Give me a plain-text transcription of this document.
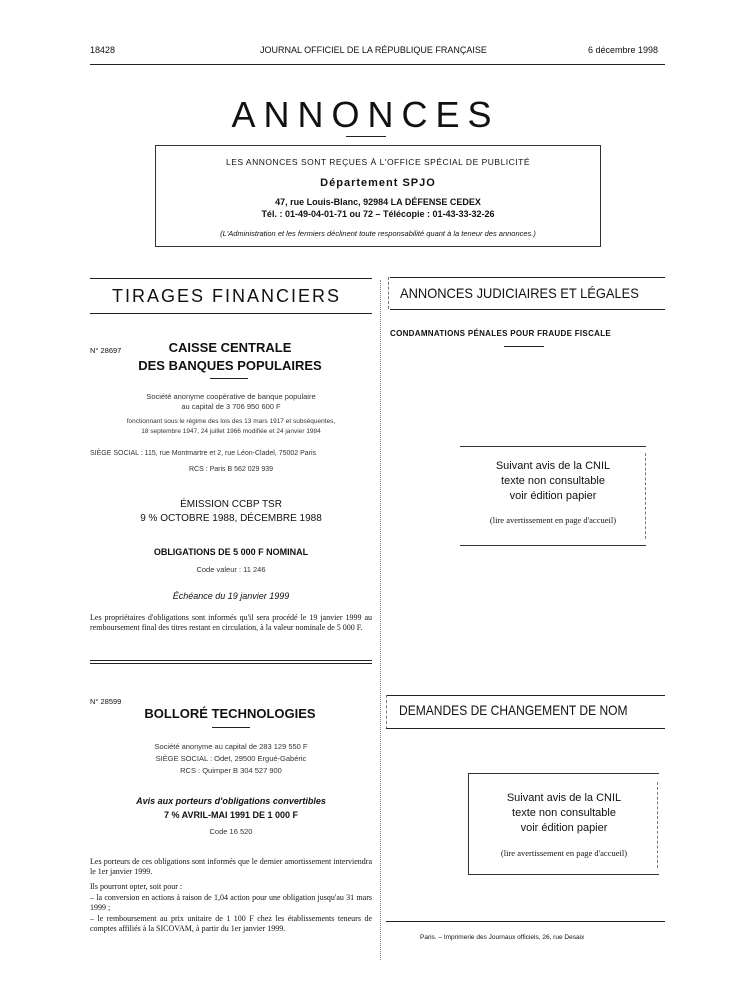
18428	JOURNAL OFFICIEL DE LA RÉPUBLIQUE FRANÇAISE	6 décembre 1998
ANNONCES
LES ANNONCES SONT REÇUES À L'OFFICE SPÉCIAL DE PUBLICITÉ
Département SPJO
47, rue Louis-Blanc, 92984 LA DÉFENSE CEDEX
Tél. : 01-49-04-01-71 ou 72 – Télécopie : 01-43-33-32-26
(L'Administration et les fermiers déclinent toute responsabilité quant à la teneur des annonces.)
TIRAGES FINANCIERS
N° 28697	CAISSE CENTRALE
DES BANQUES POPULAIRES
Société anonyme coopérative de banque populaire
au capital de 3 706 950 600 F
fonctionnant sous le régime des lois des 13 mars 1917 et subséquentes,
18 septembre 1947, 24 juillet 1966 modifiée et 24 janvier 1984
SIÈGE SOCIAL : 115, rue Montmartre et 2, rue Léon-Cladel, 75002 Paris
RCS : Paris B 562 029 939
ÉMISSION CCBP TSR
9 % OCTOBRE 1988, DÉCEMBRE 1988
OBLIGATIONS DE 5 000 F NOMINAL
Code valeur : 11 246
Échéance du 19 janvier 1999
Les propriétaires d'obligations sont informés qu'il sera procédé le 19 janvier 1999 au remboursement final des titres restant en circulation, à la valeur nominale de 5 000 F.
N° 28599
BOLLORÉ TECHNOLOGIES
Société anonyme au capital de 283 129 550 F
SIÈGE SOCIAL : Odet, 29500 Ergué-Gabéric
RCS : Quimper B 304 527 900
Avis aux porteurs d'obligations convertibles
7 % AVRIL-MAI 1991 DE 1 000 F
Code 16 520
Les porteurs de ces obligations sont informés que le dernier amortissement interviendra le 1er janvier 1999.
Ils pourront opter, soit pour :
– la conversion en actions à raison de 1,04 action pour une obligation jusqu'au 31 mars 1999 ;
– le remboursement au prix unitaire de 1 100 F chez les établissements teneurs de comptes affiliés à la SICOVAM, à partir du 1er janvier 1999.
ANNONCES JUDICIAIRES ET LÉGALES
CONDAMNATIONS PÉNALES POUR FRAUDE FISCALE
Suivant avis de la CNIL
texte non consultable
voir édition papier
(lire avertissement en page d'accueil)
DEMANDES DE CHANGEMENT DE NOM
Suivant avis de la CNIL
texte non consultable
voir édition papier
(lire avertissement en page d'accueil)
Paris. – Imprimerie des Journaux officiels, 26, rue Desaix
